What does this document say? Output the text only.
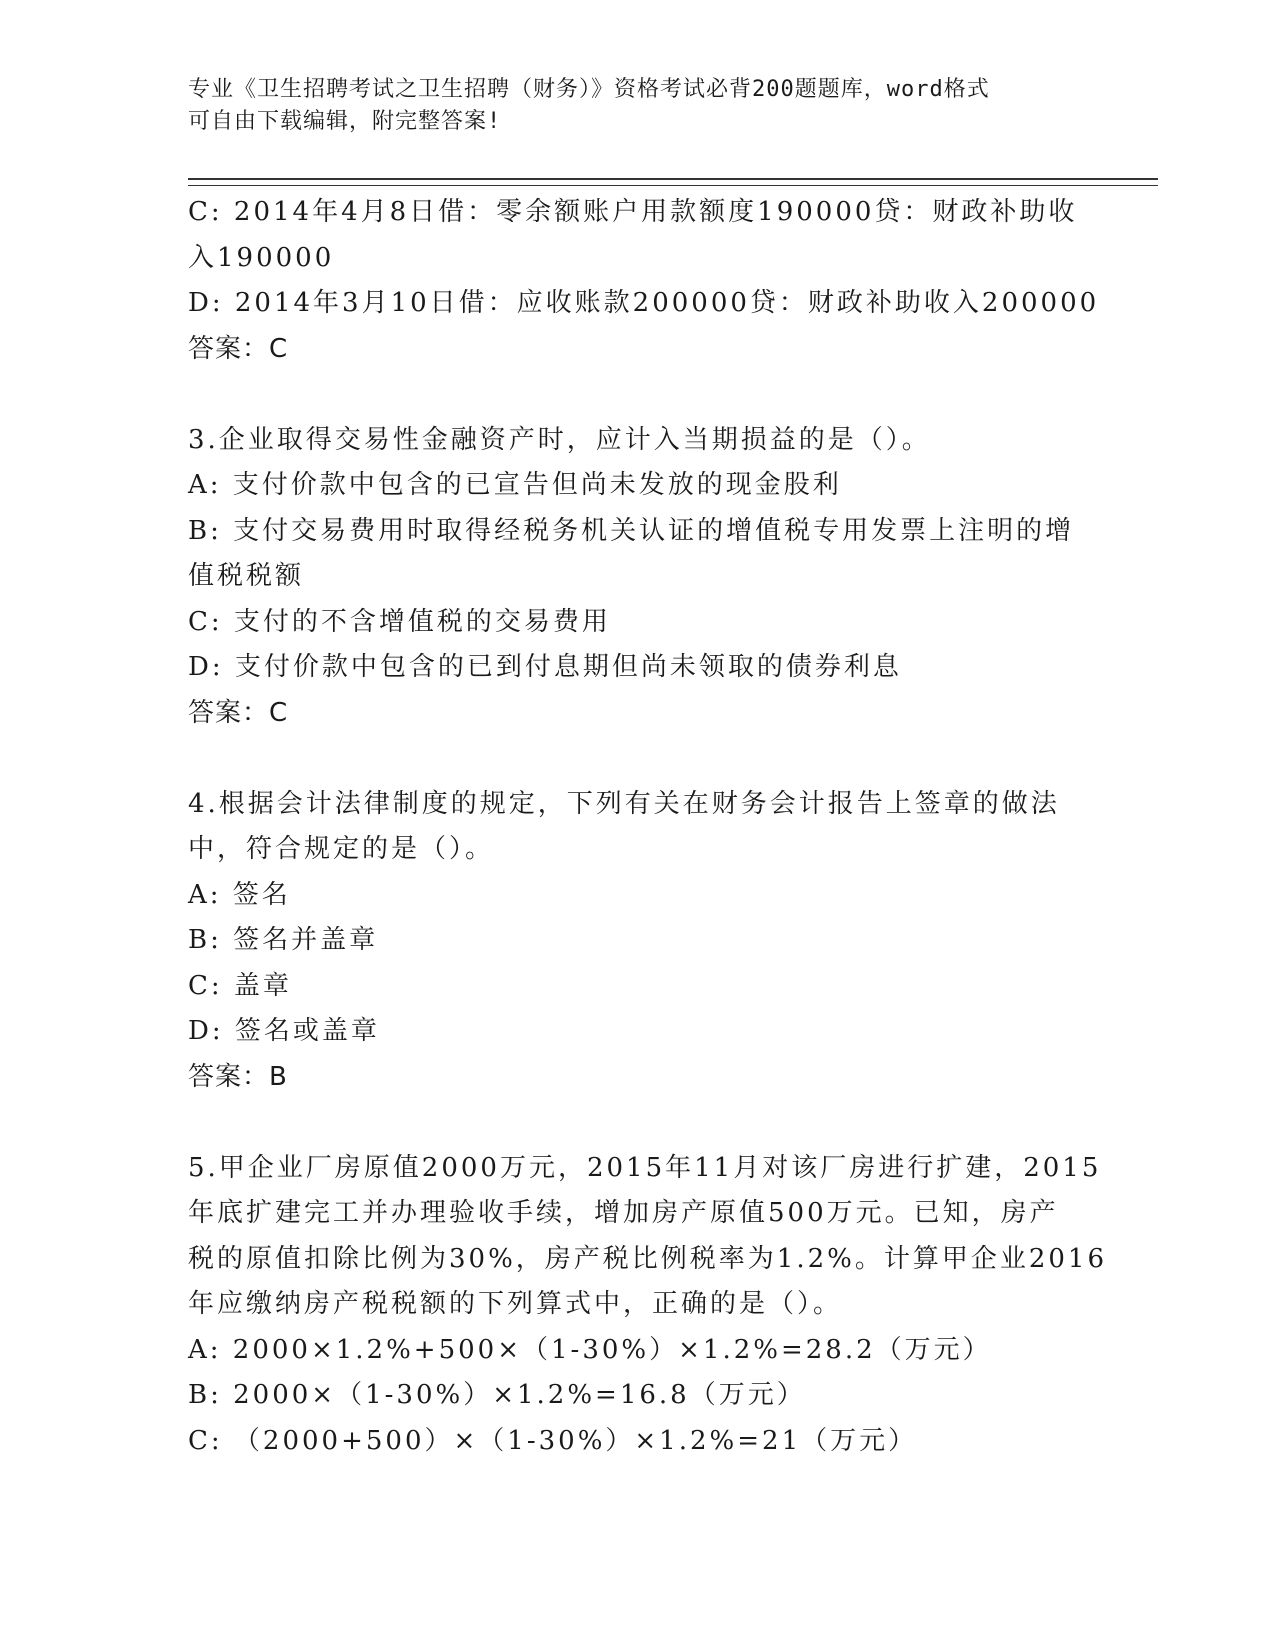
专业《卫生招聘考试之卫生招聘（财务）》资格考试必背200题题库，word格式
可自由下载编辑，附完整答案!
C: 2014年4月8日借：零余额账户用款额度190000贷：财政补助收
入190000
D: 2014年3月10日借：应收账款200000贷：财政补助收入200000
答案：C
3.企业取得交易性金融资产时，应计入当期损益的是（）。
A: 支付价款中包含的已宣告但尚未发放的现金股利
B: 支付交易费用时取得经税务机关认证的增值税专用发票上注明的增
值税税额
C: 支付的不含增值税的交易费用
D: 支付价款中包含的已到付息期但尚未领取的债券利息
答案：C
4.根据会计法律制度的规定，下列有关在财务会计报告上签章的做法
中，符合规定的是（）。
A: 签名
B: 签名并盖章
C: 盖章
D: 签名或盖章
答案：B
5.甲企业厂房原值2000万元，2015年11月对该厂房进行扩建，2015
年底扩建完工并办理验收手续，增加房产原值500万元。已知，房产
税的原值扣除比例为30%，房产税比例税率为1.2%。计算甲企业2016
年应缴纳房产税税额的下列算式中，正确的是（）。
A: 2000×1.2%+500×（1-30%）×1.2%=28.2（万元）
B: 2000×（1-30%）×1.2%=16.8（万元）
C: （2000+500）×（1-30%）×1.2%=21（万元）
